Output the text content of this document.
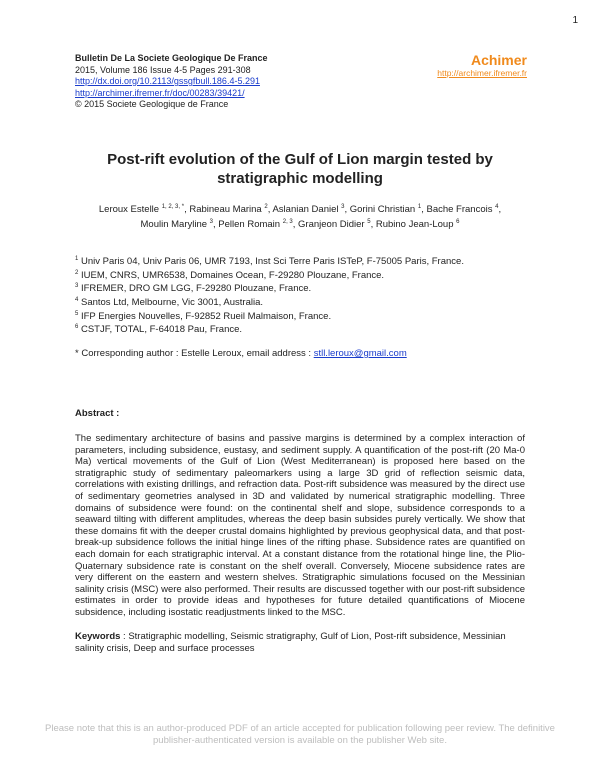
1
Bulletin De La Societe Geologique De France
2015, Volume 186 Issue 4-5 Pages 291-308
http://dx.doi.org/10.2113/gssgfbull.186.4-5.291
http://archimer.ifremer.fr/doc/00283/39421/
© 2015 Societe Geologique de France
Achimer
http://archimer.ifremer.fr
Post-rift evolution of the Gulf of Lion margin tested by stratigraphic modelling
Leroux Estelle $^{1, 2, 3, *}$, Rabineau Marina $^2$, Aslanian Daniel $^3$, Gorini Christian $^1$, Bache Francois $^4$,
Moulin Maryline $^3$, Pellen Romain $^{2, 3}$, Granjeon Didier $^5$, Rubino Jean-Loup $^6$
$^1$ Univ Paris 04, Univ Paris 06, UMR 7193, Inst Sci Terre Paris ISTeP, F-75005 Paris, France.
$^2$ IUEM, CNRS, UMR6538, Domaines Ocean, F-29280 Plouzane, France.
$^3$ IFREMER, DRO GM LGG, F-29280 Plouzane, France.
$^4$ Santos Ltd, Melbourne, Vic 3001, Australia.
$^5$ IFP Energies Nouvelles, F-92852 Rueil Malmaison, France.
$^6$ CSTJF, TOTAL, F-64018 Pau, France.
* Corresponding author : Estelle Leroux, email address : stll.leroux@gmail.com
Abstract :
The sedimentary architecture of basins and passive margins is determined by a complex interaction of parameters, including subsidence, eustasy, and sediment supply. A quantification of the post-rift (20 Ma-0 Ma) vertical movements of the Gulf of Lion (West Mediterranean) is proposed here based on the stratigraphic study of sedimentary paleomarkers using a large 3D grid of reflection seismic data, correlations with existing drillings, and refraction data. Post-rift subsidence was measured by the direct use of sedimentary geometries analysed in 3D and validated by numerical stratigraphic modelling. Three domains of subsidence were found: on the continental shelf and slope, subsidence corresponds to a seaward tilting with different amplitudes, whereas the deep basin subsides purely vertically. We show that these domains fit with the deeper crustal domains highlighted by previous geophysical data, and that post-break-up subsidence follows the initial hinge lines of the rifting phase. Subsidence rates are quantified on each domain for each stratigraphic interval. At a constant distance from the rotational hinge line, the Plio-Quaternary subsidence rate is constant on the shelf overall. Conversely, Miocene subsidence rates are very different on the eastern and western shelves. Stratigraphic simulations focused on the Messinian salinity crisis (MSC) were also performed. Their results are discussed together with our post-rift subsidence estimates in order to provide ideas and hypotheses for future detailed quantifications of Miocene subsidence, including isostatic readjustments linked to the MSC.
Keywords : Stratigraphic modelling, Seismic stratigraphy, Gulf of Lion, Post-rift subsidence, Messinian salinity crisis, Deep and surface processes
Please note that this is an author-produced PDF of an article accepted for publication following peer review. The definitive publisher-authenticated version is available on the publisher Web site.
